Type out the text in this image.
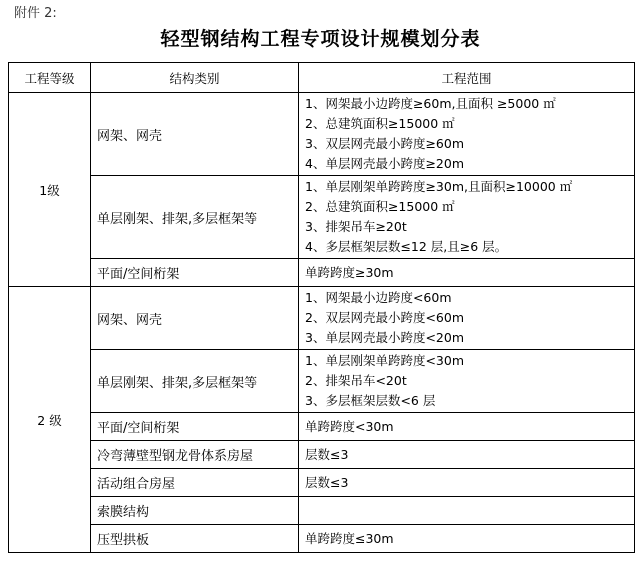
附件 2:
轻型钢结构工程专项设计规模划分表
工程等级	结构类别	工程范围
1级	网架、网壳	1、网架最小边跨度≥60m,且面积 ≥5000 ㎡
2、总建筑面积≥15000 ㎡
3、双层网壳最小跨度≥60m
4、单层网壳最小跨度≥20m

	单层刚架、排架,多层框架等	1、单层刚架单跨跨度≥30m,且面积≥10000 ㎡
2、总建筑面积≥15000 ㎡
3、排架吊车≥20t
4、多层框架层数≤12 层,且≥6 层。

	平面/空间桁架	单跨跨度≥30m
2 级	网架、网壳	1、网架最小边跨度<60m
2、双层网壳最小跨度<60m
3、单层网壳最小跨度<20m

	单层刚架、排架,多层框架等	1、单层刚架单跨跨度<30m
2、排架吊车<20t
3、多层框架层数<6 层

	平面/空间桁架	单跨跨度<30m
	冷弯薄壁型钢龙骨体系房屋	层数≤3
	活动组合房屋	层数≤3
	索膜结构	
	压型拱板	单跨跨度≤30m
